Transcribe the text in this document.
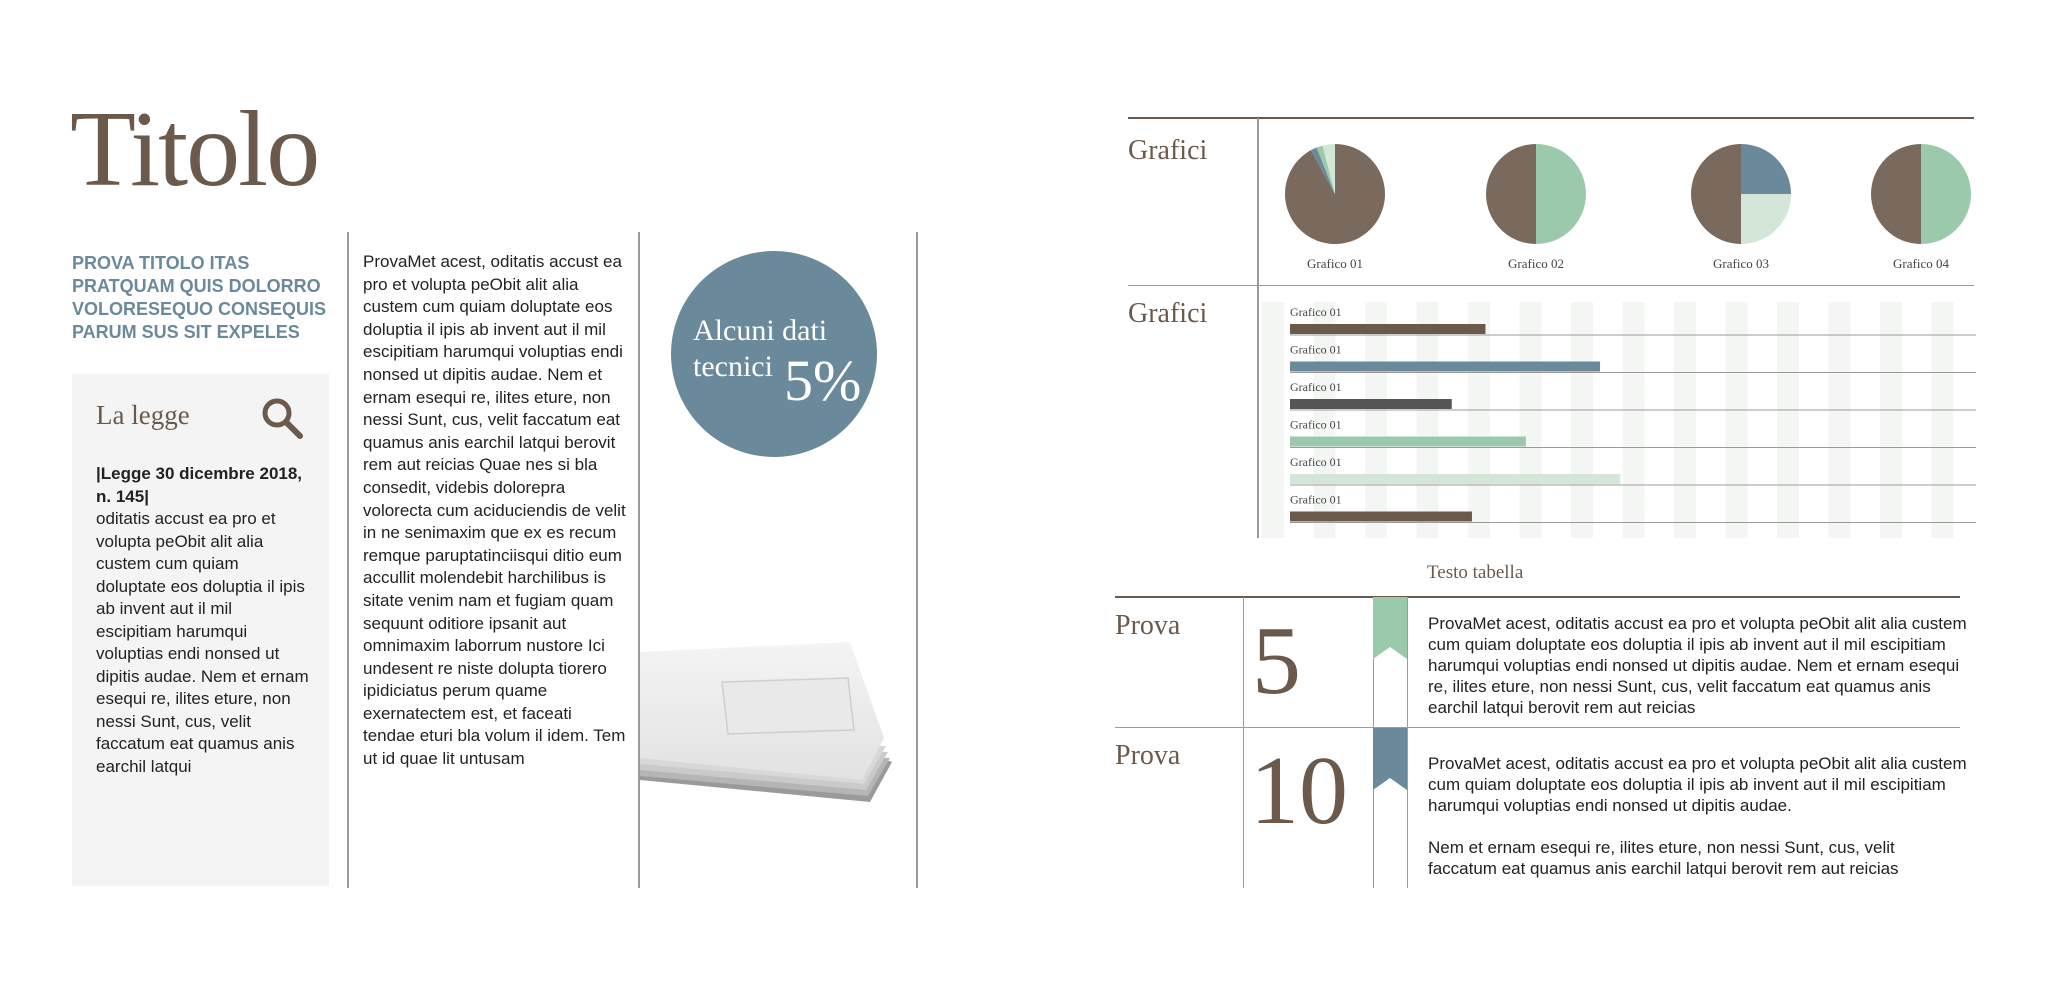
Titolo

PROVA TITOLO ITAS PRATQUAM QUIS DOLORRO VOLORESEQUO CONSEQUIS PARUM SUS SIT EXPELES

La legge

|Legge 30 dicembre 2018, n. 145|

oditatis accust ea pro et volupta peObit alit alia custem cum quiam doluptate eos doluptia il ipis ab invent aut il mil escipitiam harumqui voluptias endi nonsed ut dipitis audae. Nem et ernam esequi re, ilites eture, non nessi Sunt, cus, velit faccatum eat quamus anis earchil latqui

ProvaMet acest, oditatis accust ea pro et volupta peObit alit alia custem cum quiam doluptate eos doluptia il ipis ab invent aut il mil escipitiam harumqui voluptias endi nonsed ut dipitis audae. Nem et ernam esequi re, ilites eture, non nessi Sunt, cus, velit faccatum eat quamus anis earchil latqui berovit rem aut reicias Quae nes si bla consedit, videbis dolorepra volorecta cum aciduciendis de velit in ne senimaxim que ex es recum remque paruptatinciisqui ditio eum accullit molendebit harchilibus is sitate venim nam et fugiam quam sequunt oditiore ipsanit aut omnimaxim laborrum nustore Ici undesent re niste dolupta tiorero ipidiciatus perum quame exernatectem est, et faceati tendae eturi bla volum il idem. Tem ut id quae lit untusam

Alcuni dati
tecnici 5%
Grafici
Grafico 01	Grafico 02	Grafico 03	Grafico 04
Grafici	Grafico 01
Grafico 01
Grafico 01
Grafico 01
Grafico 01
Grafico 01
Testo tabella
Prova 5	ProvaMet acest, oditatis accust ea pro et volupta peObit alit alia custem cum quiam doluptate eos doluptia il ipis ab invent aut il mil escipitiam harumqui voluptias endi nonsed ut dipitis audae. Nem et ernam esequi re, ilites eture, non nessi Sunt, cus, velit faccatum eat quamus anis earchil latqui berovit rem aut reicias

Prova 10	ProvaMet acest, oditatis accust ea pro et volupta peObit alit alia custem cum quiam doluptate eos doluptia il ipis ab invent aut il mil escipitiam harumqui voluptias endi nonsed ut dipitis audae.

Nem et ernam esequi re, ilites eture, non nessi Sunt, cus, velit faccatum eat quamus anis earchil latqui berovit rem aut reicias
